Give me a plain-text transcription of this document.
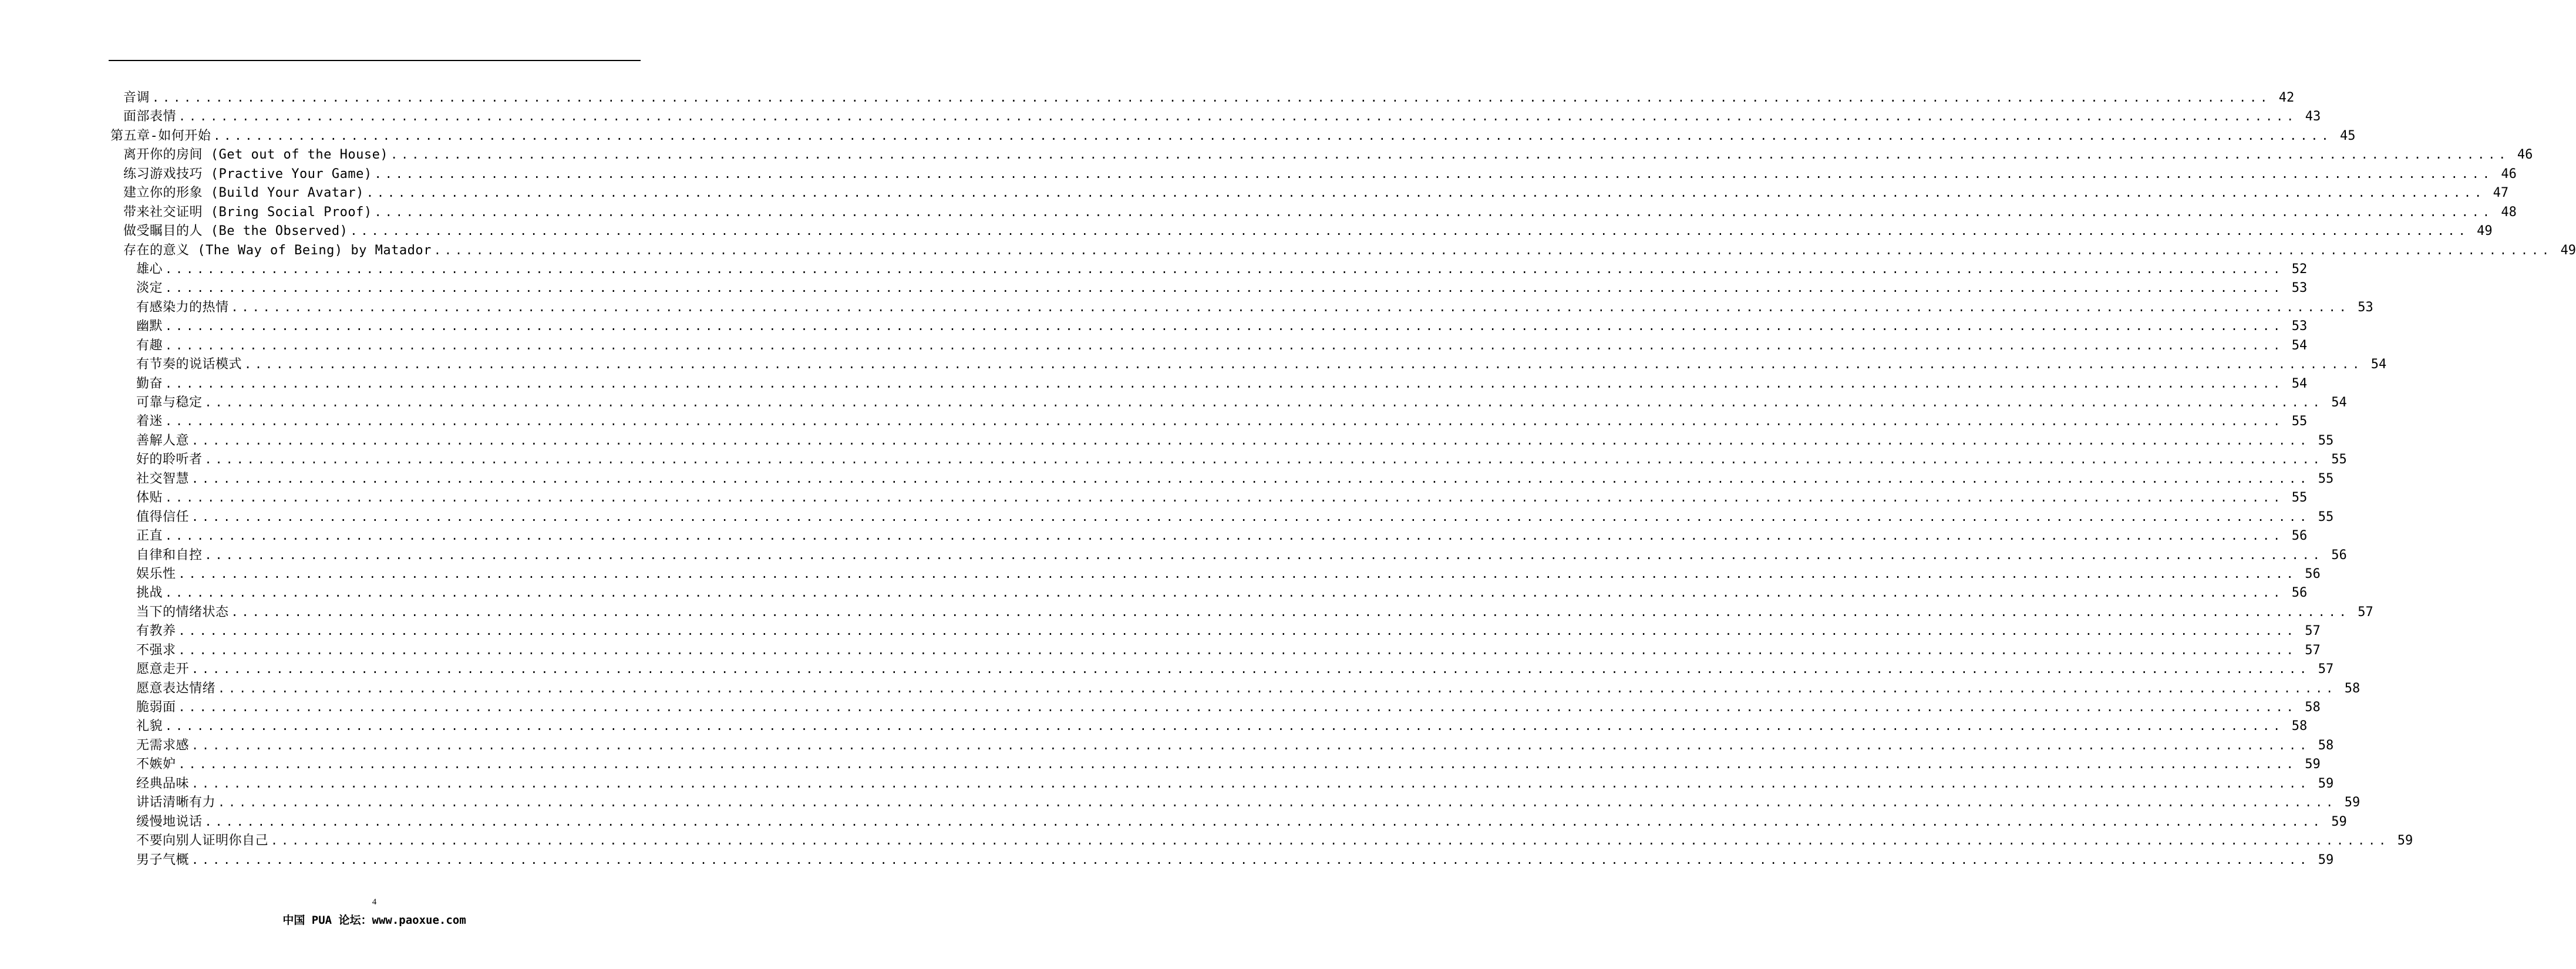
音调 ........................................................................................................................................................................................................ 42
面部表情 ........................................................................................................................................................................................................ 43
第五章-如何开始 ........................................................................................................................................................................................................ 45
离开你的房间 (Get out of the House) ........................................................................................................................................................................................................ 46
练习游戏技巧 (Practive Your Game) ........................................................................................................................................................................................................ 46
建立你的形象 (Build Your Avatar) ........................................................................................................................................................................................................ 47
带来社交证明 (Bring Social Proof) ........................................................................................................................................................................................................ 48
做受瞩目的人 (Be the Observed) ........................................................................................................................................................................................................ 49
存在的意义 (The Way of Being) by Matador ........................................................................................................................................................................................................ 49
雄心 ........................................................................................................................................................................................................ 52
淡定 ........................................................................................................................................................................................................ 53
有感染力的热情 ........................................................................................................................................................................................................ 53
幽默 ........................................................................................................................................................................................................ 53
有趣 ........................................................................................................................................................................................................ 54
有节奏的说话模式 ........................................................................................................................................................................................................ 54
勤奋 ........................................................................................................................................................................................................ 54
可靠与稳定 ........................................................................................................................................................................................................ 54
着迷 ........................................................................................................................................................................................................ 55
善解人意 ........................................................................................................................................................................................................ 55
好的聆听者 ........................................................................................................................................................................................................ 55
社交智慧 ........................................................................................................................................................................................................ 55
体贴 ........................................................................................................................................................................................................ 55
值得信任 ........................................................................................................................................................................................................ 55
正直 ........................................................................................................................................................................................................ 56
自律和自控 ........................................................................................................................................................................................................ 56
娱乐性 ........................................................................................................................................................................................................ 56
挑战 ........................................................................................................................................................................................................ 56
当下的情绪状态 ........................................................................................................................................................................................................ 57
有教养 ........................................................................................................................................................................................................ 57
不强求 ........................................................................................................................................................................................................ 57
愿意走开 ........................................................................................................................................................................................................ 57
愿意表达情绪 ........................................................................................................................................................................................................ 58
脆弱面 ........................................................................................................................................................................................................ 58
礼貌 ........................................................................................................................................................................................................ 58
无需求感 ........................................................................................................................................................................................................ 58
不嫉妒 ........................................................................................................................................................................................................ 59
经典品味 ........................................................................................................................................................................................................ 59
讲话清晰有力 ........................................................................................................................................................................................................ 59
缓慢地说话 ........................................................................................................................................................................................................ 59
不要向别人证明你自己 ........................................................................................................................................................................................................ 59
男子气概 ........................................................................................................................................................................................................ 59
4
中国 PUA 论坛：www.paoxue.com
